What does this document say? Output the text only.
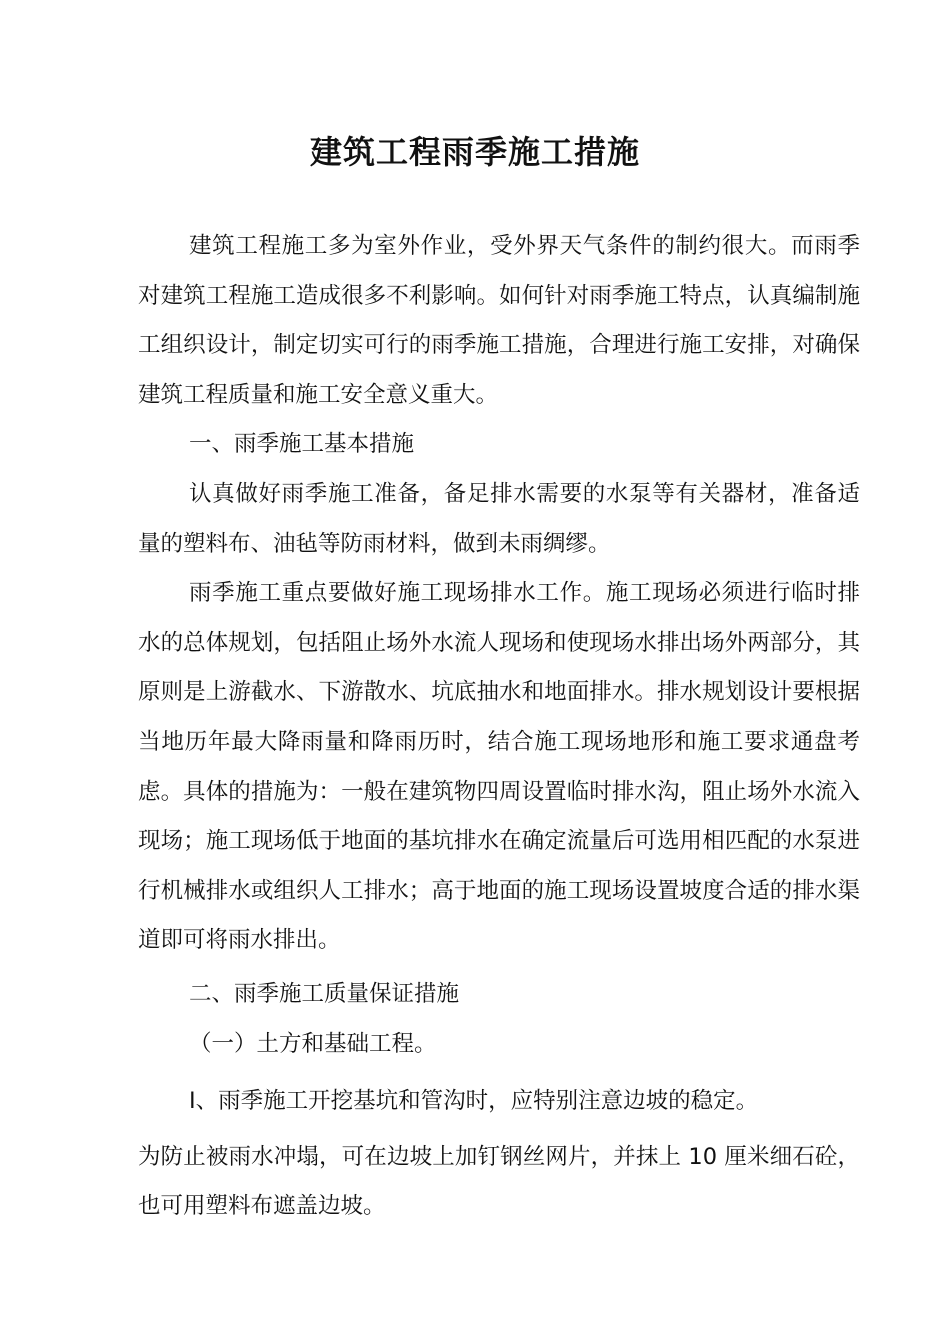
建筑工程雨季施工措施

建筑工程施工多为室外作业，受外界天气条件的制约很大。而雨季对建筑工程施工造成很多不利影响。如何针对雨季施工特点，认真编制施工组织设计，制定切实可行的雨季施工措施，合理进行施工安排，对确保建筑工程质量和施工安全意义重大。

一、雨季施工基本措施

认真做好雨季施工准备，备足排水需要的水泵等有关器材，准备适量的塑料布、油毡等防雨材料，做到未雨绸缪。

雨季施工重点要做好施工现场排水工作。施工现场必须进行临时排水的总体规划，包括阻止场外水流人现场和使现场水排出场外两部分，其原则是上游截水、下游散水、坑底抽水和地面排水。排水规划设计要根据当地历年最大降雨量和降雨历时，结合施工现场地形和施工要求通盘考虑。具体的措施为：一般在建筑物四周设置临时排水沟，阻止场外水流入现场；施工现场低于地面的基坑排水在确定流量后可选用相匹配的水泵进行机械排水或组织人工排水；高于地面的施工现场设置坡度合适的排水渠道即可将雨水排出。

二、雨季施工质量保证措施

（一）土方和基础工程。

I、雨季施工开挖基坑和管沟时，应特别注意边坡的稳定。

为防止被雨水冲塌，可在边坡上加钉钢丝网片，并抹上 10 厘米细石砼，也可用塑料布遮盖边坡。
